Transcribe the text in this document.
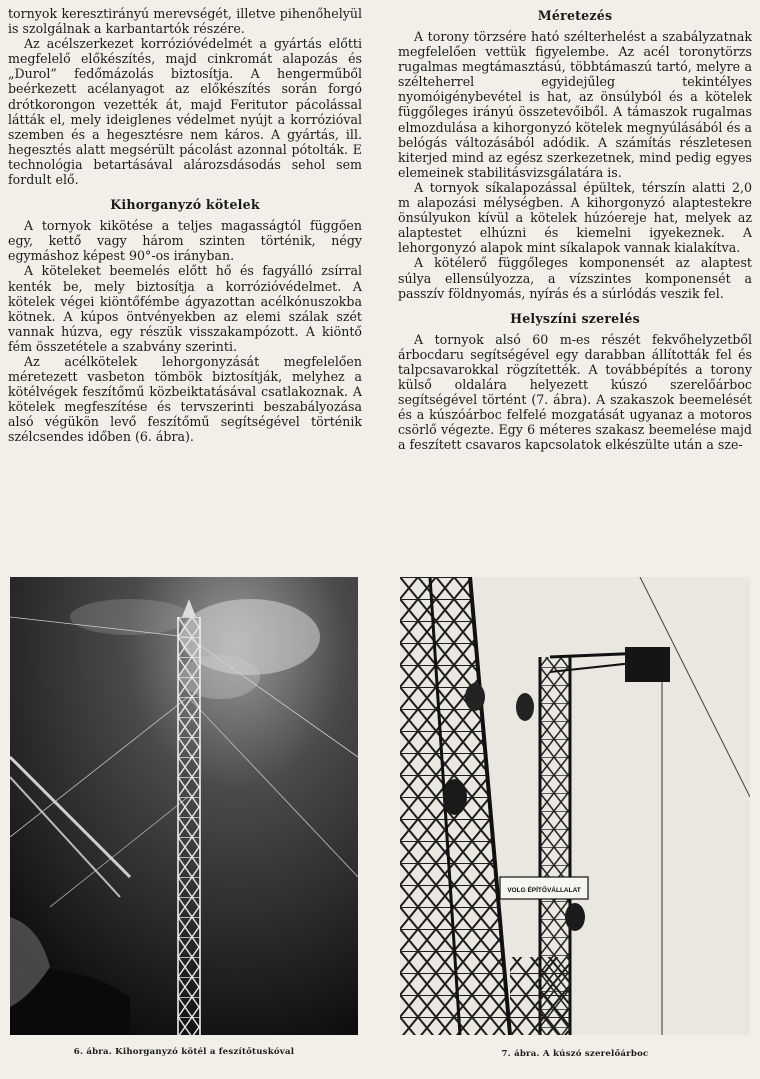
tornyok keresztirányú merevségét, illetve pihenőhelyül is szolgálnak a karbantartók részére.

Az acélszerkezet korrózióvédelmét a gyártás előtti megfelelő előkészítés, majd cinkromát alapozás és „Durol” fedőmázolás biztosítja. A hengerműből beérkezett acélanyagot az előkészítés során forgó drótkorongon vezették át, majd Feritutor pácolással látták el, mely ideiglenes védelmet nyújt a korrózióval szemben és a hegesztésre nem káros. A gyártás, ill. hegesztés alatt megsérült pácolást azonnal pótolták. E technológia betartásával alározsdásodás sehol sem fordult elő.

Kihorganyzó kötelek

A tornyok kikötése a teljes magasságtól függően egy, kettő vagy három szinten történik, négy egymáshoz képest 90°-os irányban.

A köteleket beemelés előtt hő és fagyálló zsírral kenték be, mely biztosítja a korrózióvédelmet. A kötelek végei kiöntőfémbe ágyazottan acélkónuszokba kötnek. A kúpos öntvényekben az elemi szálak szét vannak húzva, egy részük visszakampózott. A kiöntő fém összetétele a szabvány szerinti.

Az acélkötelek lehorgonyzását megfelelően méretezett vasbeton tömbök biztosítják, melyhez a kötélvégek feszítőmű közbeiktatásával csatlakoznak. A kötelek megfeszítése és tervszerinti beszabályozása alsó végükön levő feszítőmű segítségével történik szélcsendes időben (6. ábra).

Méretezés

A torony törzsére ható szélterhelést a szabályzatnak megfelelően vettük figyelembe. Az acél toronytörzs rugalmas megtámasztású, többtámaszú tartó, melyre a szélteherrel egyidejűleg tekintélyes nyomóigénybevétel is hat, az önsúlyból és a kötelek függőleges irányú összetevőiből. A támaszok rugalmas elmozdulása a kihorgonyzó kötelek megnyúlásából és a belógás változásából adódik. A számítás részletesen kiterjed mind az egész szerkezetnek, mind pedig egyes elemeinek stabilitásvizsgálatára is.

A tornyok síkalapozással épültek, térszín alatti 2,0 m alapozási mélységben. A kihorgonyzó alaptestekre önsúlyukon kívül a kötelek húzóereje hat, melyek az alaptestet elhúzni és kiemelni igyekeznek. A lehorgonyzó alapok mint síkalapok vannak kialakítva.

A kötélerő függőleges komponensét az alaptest súlya ellensúlyozza, a vízszintes komponensét a passzív földnyomás, nyírás és a súrlódás veszik fel.

Helyszíni szerelés

A tornyok alsó 60 m-es részét fekvőhelyzetből árbocdaru segítségével egy darabban állították fel és talpcsavarokkal rögzítették. A továbbépítés a torony külső oldalára helyezett kúszó szerelőárboc segítségével történt (7. ábra). A szakaszok beemelését és a kúszóárboc felfelé mozgatását ugyanaz a motoros csörlő végezte. Egy 6 méteres szakasz beemelése majd a feszített csavaros kapcsolatok elkészülte után a sze-

6. ábra. Kihorganyzó kötél a feszítőtuskóval
VOLG ÉPÍTŐVÁLLALAT
7. ábra. A kúszó szerelőárboc
